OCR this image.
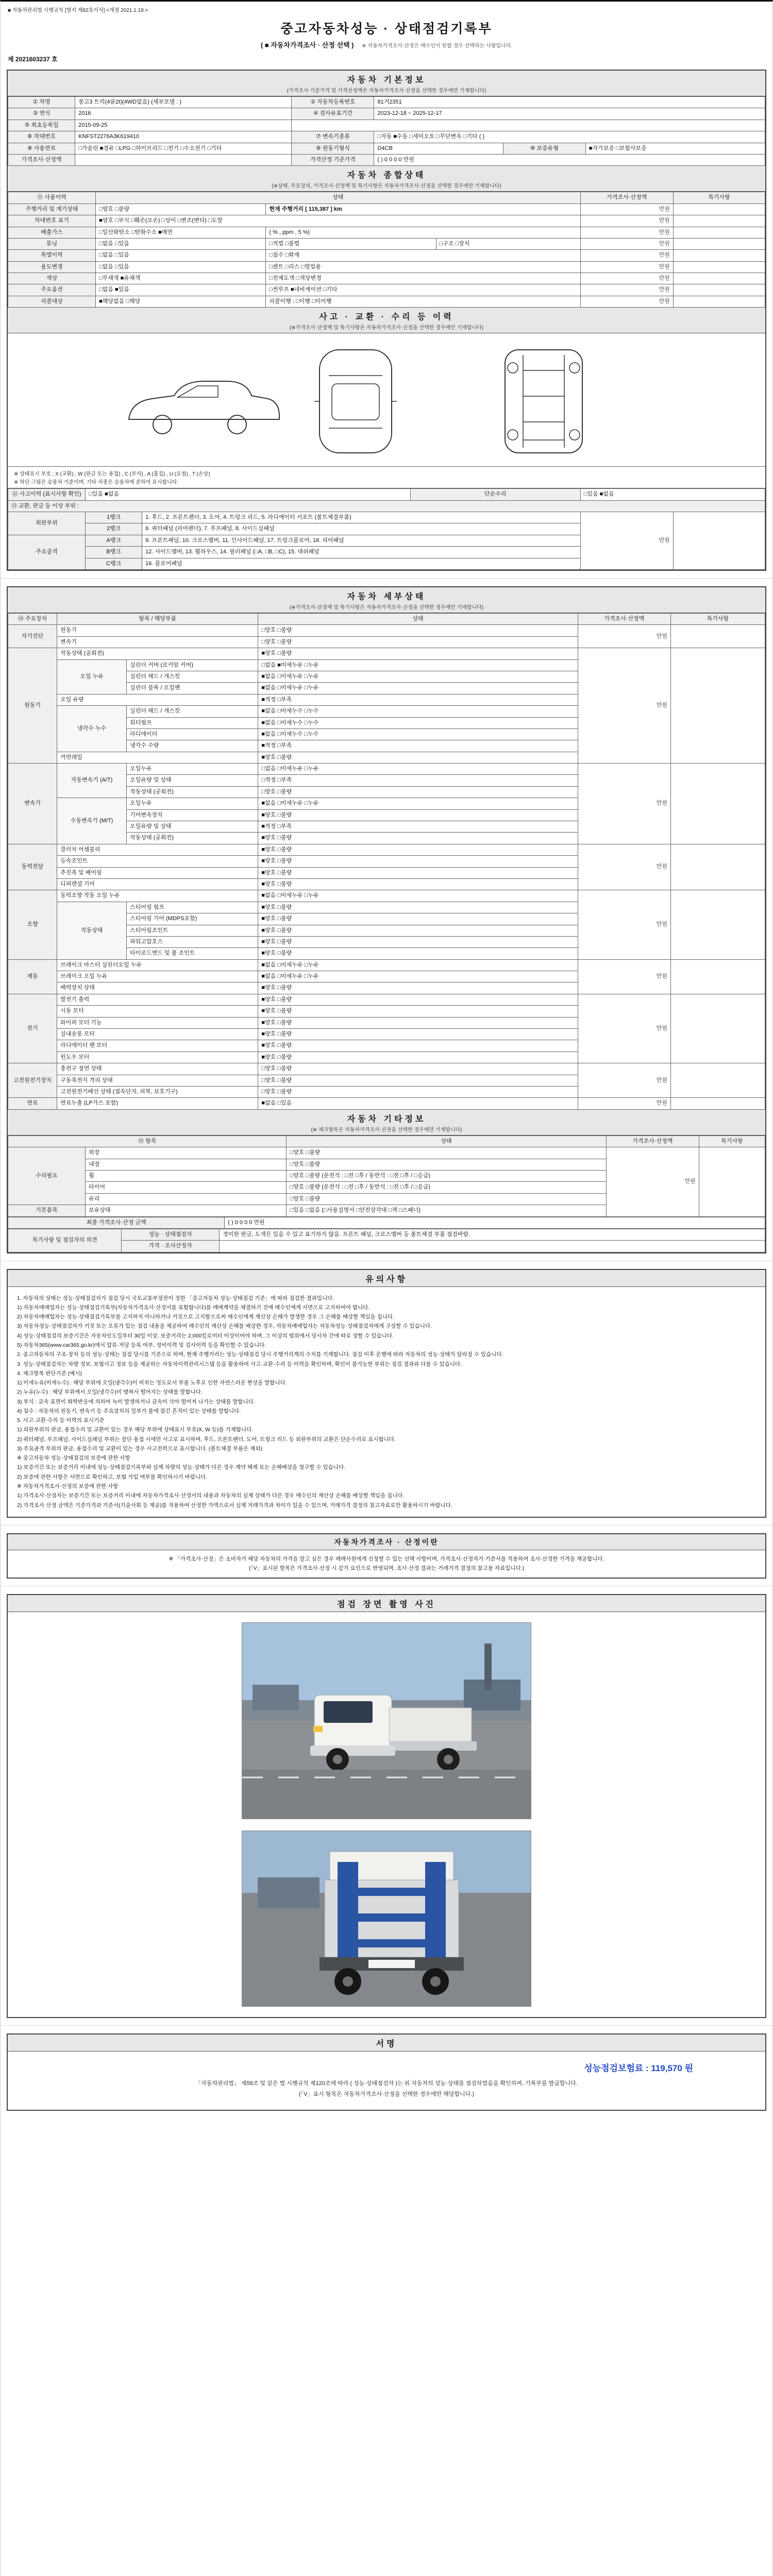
■ 자동차관리법 시행규칙 [별지 제82호서식] <개정 2021.1.19.>
중고자동차성능 · 상태점검기록부
( ■ 자동차가격조사 · 산정 선택 ) ※ 자동차가격조사·산정은 매수인이 원할 경우 선택하는 사항입니다.
제 2021603237 호
자동차 기본정보
(가격조사 기준가격 및 가격산정액은 자동차가격조사·산정을 선택한 경우에만 기재합니다)
① 차명	봉고3 트럭(4륜2t)(4WD없음) (세부모델 : )	② 자동차등록번호	81거2351		
③ 연식	2016	④ 검사유효기간	2023-12-18 ~ 2025-12-17		
⑤ 최초등록일	2015-09-25				
⑥ 차대번호	KNFST2276A3K619410	⑦ 변속기종류	□자동 ■수동 □세미오토 □무단변속 □기타 ( )		
⑧ 사용연료	□가솔린 ■경유 □LPG □하이브리드 □전기 □수소전기 □기타	⑨ 원동기형식	D4CB	⑩ 보증유형	■자가보증 □보험사보증
가격조사·산정액		가격산정 기준가격	( ) 0 0 0 0 만원		
자동차 종합상태
(※상태, 주요장치, 가격조사·산정액 및 특기사항은 자동차가격조사·산정을 선택한 경우에만 기재합니다)
⑪ 사용이력	상태			가격조사·산정액	특기사항
주행거리 및 계기상태	□양호 □불량	현재 주행거리 [ 115,387 ] km		만원	
차대번호 표기	■양호 □부식 □훼손(오손) □상이 □변조(변타) □도말			만원	
배출가스	□일산화탄소 □탄화수소 ■매연	( % , ppm , 5 %)		만원	
튜닝	□없음 □있음	□적법 □불법	□구조 □장치	만원	
특별이력	□없음 □있음	□침수 □화재		만원	
용도변경	□없음 □있음	□렌트 □리스 □영업용		만원	
색상	□무채색 ■유채색	□전체도색 □색상변경		만원	
주요옵션	□없음 ■있음	□썬루프 ■네비게이션 □기타		만원	
리콜대상	■해당없음 □해당	리콜이행 : □이행 □미이행		만원	
사고 · 교환 · 수리 등 이력
(※가격조사·산정액 및 특기사항은 자동차가격조사·산정을 선택한 경우에만 기재합니다)
※ 상태표시 부호 : X (교환) , W (판금 또는 용접) , C (부식) , A (흠집) , U (요철) , T (손상)
※ 하단 그림은 승용차 기준이며, 기타 차종은 승용차에 준하여 표시합니다.
⑫ 사고이력 (표시사항 확인)	□있음 ■없음		단순수리	□있음 ■없음	
⑬ 교환, 판금 등 이상 부위 :					
외판부위	1랭크	1. 후드, 2. 프론트펜더, 3. 도어, 4. 트렁크 리드, 5. 라디에이터 서포트 (볼트체결부품)		만원	
	2랭크	6. 쿼터패널 (리어펜더), 7. 루프패널, 8. 사이드실패널			
주요골격	A랭크	9. 프론트패널, 10. 크로스멤버, 11. 인사이드패널, 17. 트렁크플로어, 18. 리어패널			
	B랭크	12. 사이드멤버, 13. 휠하우스, 14. 필러패널 (□A, □B, □C), 15. 대쉬패널			
	C랭크	16. 플로어패널			
자동차 세부상태
(※가격조사·산정액 및 특기사항은 자동차가격조사·산정을 선택한 경우에만 기재합니다)
⑭ 주요장치	항목 / 해당부품		상태	가격조사·산정액	특기사항
자기진단	원동기		□양호 □불량	만원	
	변속기		□양호 □불량		
원동기	작동상태 (공회전)		■양호 □불량	만원	
	오일 누유	실린더 커버 (로커암 커버)	□없음 ■미세누유 □누유		
		실린더 헤드 / 개스킷	■없음 □미세누유 □누유		
		실린더 블록 / 오일팬	■없음 □미세누유 □누유		
	오일 유량		■적정 □부족		
	냉각수 누수	실린더 헤드 / 개스킷	■없음 □미세누수 □누수		
		워터펌프	■없음 □미세누수 □누수		
		라디에이터	■없음 □미세누수 □누수		
		냉각수 수량	■적정 □부족		
	커먼레일		■양호 □불량		
변속기	자동변속기 (A/T)	오일누유	□없음 □미세누유 □누유	만원	
		오일유량 및 상태	□적정 □부족		
		작동상태 (공회전)	□양호 □불량		
	수동변속기 (M/T)	오일누유	■없음 □미세누유 □누유		
		기어변속장치	■양호 □불량		
		오일유량 및 상태	■적정 □부족		
		작동상태 (공회전)	■양호 □불량		
동력전달	클러치 어셈블리		■양호 □불량	만원	
	등속조인트		■양호 □불량		
	추진축 및 베어링		■양호 □불량		
	디퍼렌셜 기어		■양호 □불량		
조향	동력조향 작동 오일 누유		■없음 □미세누유 □누유	만원	
	작동상태	스티어링 펌프	■양호 □불량		
		스티어링 기어 (MDPS포함)	■양호 □불량		
		스티어링조인트	■양호 □불량		
		파워고압호스	■양호 □불량		
		타이로드엔드 및 볼 조인트	■양호 □불량		
제동	브레이크 마스터 실린더오일 누유		■없음 □미세누유 □누유	만원	
	브레이크 오일 누유		■없음 □미세누유 □누유		
	배력장치 상태		■양호 □불량		
전기	발전기 출력		■양호 □불량	만원	
	시동 모터		■양호 □불량		
	와이퍼 모터 기능		■양호 □불량		
	실내송풍 모터		■양호 □불량		
	라디에이터 팬 모터		■양호 □불량		
	윈도우 모터		■양호 □불량		
고전원전기장치	충전구 절연 상태		□양호 □불량	만원	
	구동축전지 격리 상태		□양호 □불량		
	고전원전기배선 상태 (접속단자, 피복, 보호기구)		□양호 □불량		
연료	연료누출 (LP가스 포함)		■없음 □있음	만원	
자동차 기타정보
(※ 체크항목은 자동차가격조사·산정을 선택한 경우에만 기재합니다)
⑮ 항목		상태	가격조사·산정액	특기사항
수리필요	외장	□양호 □불량	만원	
	내장	□양호 □불량		
	휠	□양호 □불량 (운전석 : □전 □후 / 동반석 : □전 □후 / □응급)		
	타이어	□양호 □불량 (운전석 : □전 □후 / 동반석 : □전 □후 / □응급)		
	유리	□양호 □불량		
기본품목	보유상태	□있음 □없음 (□사용설명서 □안전삼각대 □잭 □스패너)		
최종 가격조사·산정 금액	( ) 0 0 0 0 만원
특기사항 및 점검자의 의견	성능 · 상태점검자	경미한 판금, 도색은 있을 수 있고 표기하지 않음. 프론트 패널, 크로스멤버 등 볼트체결 부품 점검바람.
	가격 · 조사산정자	
유의사항
1. 자동차의 상태는 성능·상태점검자가 점검 당시 국토교통부장관이 정한 「중고자동차 성능·상태점검 기준」에 따라 점검한 결과입니다.
1) 자동차매매업자는 성능·상태점검기록부(자동차가격조사·산정서를 포함합니다)를 매매계약을 체결하기 전에 매수인에게 서면으로 고지하여야 합니다.
2) 자동차매매업자는 성능·상태점검기록부를 고지하지 아니하거나 거짓으로 고지함으로써 매수인에게 재산상 손해가 발생한 경우 그 손해를 배상할 책임을 집니다.
3) 자동차성능·상태점검자가 거짓 또는 오류가 있는 점검 내용을 제공하여 매수인의 재산상 손해를 배상한 경우, 자동차매매업자는 자동차성능·상태점검자에게 구상할 수 있습니다.
4) 성능·상태점검의 보증기간은 자동차인도일부터 30일 이상, 보증거리는 2,000킬로미터 이상이어야 하며, 그 이상의 범위에서 당사자 간에 따로 정할 수 있습니다.
5) 자동차365(www.car365.go.kr)에서 압류·저당 등록 여부, 정비이력 및 검사이력 등을 확인할 수 있습니다.
2. 중고자동차의 구조·장치 등의 성능·상태는 점검 당시를 기준으로 하며, 현재 주행거리는 성능·상태점검 당시 주행거리계의 수치를 기재합니다. 점검 이후 운행에 따라 자동차의 성능·상태가 달라질 수 있습니다.
3. 성능·상태점검자는 차량 정보, 보험사고 정보 등을 제공하는 자동차이력관리시스템 등을 활용하여 사고·교환·수리 등 이력을 확인하며, 확인이 불가능한 부위는 점검 결과와 다를 수 있습니다.
4. 체크항목 판단기준 (예시)
1) 미세누유(미세누수) : 해당 부위에 오일(냉각수)이 비치는 정도로서 부품 노후로 인한 자연스러운 현상을 말합니다.
2) 누유(누수) : 해당 부위에서 오일(냉각수)이 맺혀서 떨어지는 상태를 말합니다.
3) 부식 : 금속 표면이 화학반응에 의하여 녹이 발생하거나 금속이 삭아 떨어져 나가는 상태를 말합니다.
4) 침수 : 자동차의 원동기, 변속기 등 주요장치의 일부가 물에 잠긴 흔적이 있는 상태를 말합니다.
5. 사고·교환·수리 등 이력의 표시기준
1) 외판부위의 판금, 용접수리 및 교환이 있는 경우 해당 부위에 상태표시 부호(X, W 등)를 기재합니다.
2) 쿼터패널, 루프패널, 사이드실패널 부위는 절단·용접 시에만 사고로 표시하며, 후드, 프론트펜더, 도어, 트렁크 리드 등 외판부위의 교환은 단순수리로 표시합니다.
3) 주요골격 부위의 판금, 용접수리 및 교환이 있는 경우 사고전력으로 표시합니다. (볼트체결 부품은 제외)
※ 중고자동차 성능·상태점검의 보증에 관한 사항
1) 보증기간 또는 보증거리 이내에 성능·상태점검기록부와 실제 차량의 성능·상태가 다른 경우 계약 해제 또는 손해배상을 청구할 수 있습니다.
2) 보증에 관한 사항은 서면으로 확인하고, 보험 가입 여부를 확인하시기 바랍니다.
※ 자동차가격조사·산정의 보증에 관한 사항
1) 가격조사·산정자는 보증기간 또는 보증거리 이내에 자동차가격조사·산정서의 내용과 자동차의 실제 상태가 다른 경우 매수인의 재산상 손해를 배상할 책임을 집니다.
2) 가격조사·산정 금액은 기준가격과 기준서(기술사회 등 제공)를 적용하여 산정한 가액으로서 실제 거래가격과 차이가 있을 수 있으며, 거래가격 결정의 참고자료로만 활용하시기 바랍니다.
자동차가격조사 · 산정이란
※ 「가격조사·산정」은 소비자가 해당 자동차의 가격을 알고 싶은 경우 매매사원에게 신청할 수 있는 선택 사항이며, 가격조사·산정자가 기준서를 적용하여 조사·산정한 가격을 제공합니다.
(「V」표시된 항목은 가격조사·산정 시 감가 요인으로 반영되며, 조사·산정 결과는 거래가격 결정의 참고용 자료입니다.)
점검 장면 촬영 사진
서명
성능점검보험료 : 119,570 원
「자동차관리법」 제58조 및 같은 법 시행규칙 제120조에 따라 ( 성능·상태점검자 )는 위 자동차의 성능·상태를 점검하였음을 확인하며, 기록부를 발급합니다.
(「V」표시 항목은 자동차가격조사·산정을 선택한 경우에만 해당합니다.)
